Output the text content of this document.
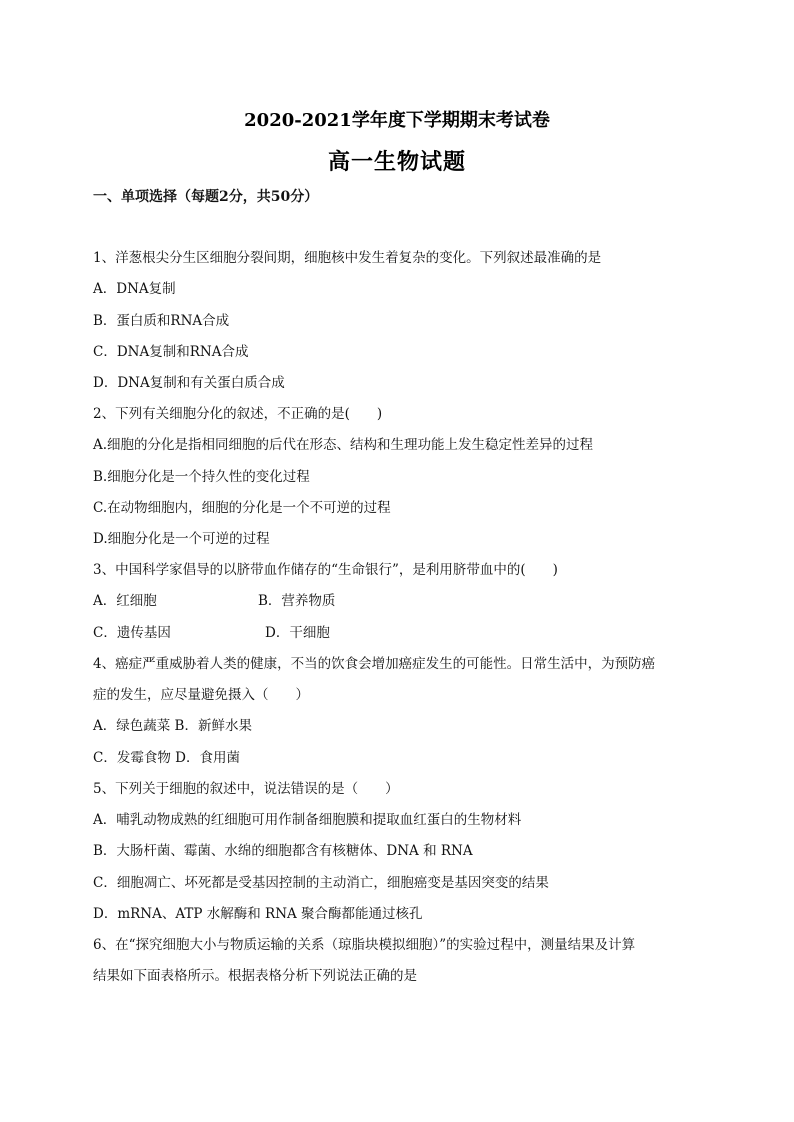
2020-2021学年度下学期期末考试卷
高一生物试题
一、单项选择（每题2分，共50分）
1、洋葱根尖分生区细胞分裂间期，细胞核中发生着复杂的变化。下列叙述最准确的是
A．DNA复制
B．蛋白质和RNA合成
C．DNA复制和RNA合成
D．DNA复制和有关蛋白质合成
2、下列有关细胞分化的叙述，不正确的是(　　)
A.细胞的分化是指相同细胞的后代在形态、结构和生理功能上发生稳定性差异的过程
B.细胞分化是一个持久性的变化过程
C.在动物细胞内，细胞的分化是一个不可逆的过程
D.细胞分化是一个可逆的过程
3、中国科学家倡导的以脐带血作储存的“生命银行”，是利用脐带血中的(　　)
A．红细胞	B．营养物质
C．遗传基因	D．干细胞
4、癌症严重威胁着人类的健康，不当的饮食会增加癌症发生的可能性。日常生活中，为预防癌
症的发生，应尽量避免摄入（　　）
A．绿色蔬菜 B．新鲜水果
C．发霉食物 D．食用菌
5、下列关于细胞的叙述中，说法错误的是（　　）
A．哺乳动物成熟的红细胞可用作制备细胞膜和提取血红蛋白的生物材料
B．大肠杆菌、霉菌、水绵的细胞都含有核糖体、DNA 和 RNA
C．细胞凋亡、坏死都是受基因控制的主动消亡，细胞癌变是基因突变的结果
D．mRNA、ATP 水解酶和 RNA 聚合酶都能通过核孔
6、在“探究细胞大小与物质运输的关系（琼脂块模拟细胞）”的实验过程中，测量结果及计算
结果如下面表格所示。根据表格分析下列说法正确的是
